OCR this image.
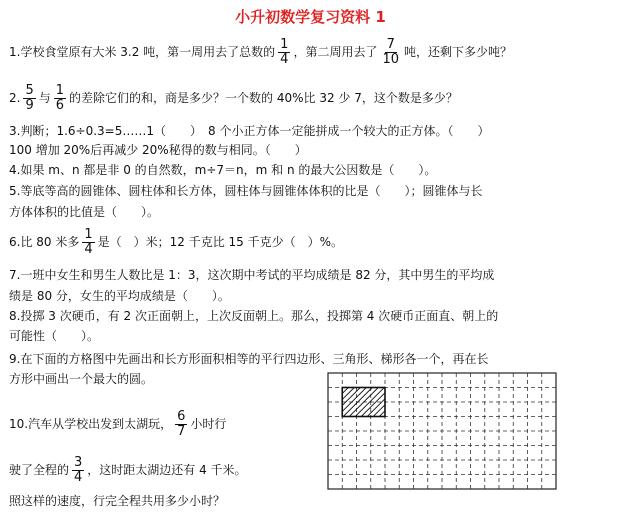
小升初数学复习资料 1
1.学校食堂原有大米 3.2 吨，第一周用去了总数的 $\frac{1}{4}$ ，第二周用去了 $\frac{7}{10}$ 吨，还剩下多少吨？
2. $\frac{5}{9}$ 与 $\frac{1}{6}$ 的差除它们的和，商是多少？一个数的 40%比 32 少 7，这个数是多少？
3.判断；1.6÷0.3=5……1（　　）　8 个小正方体一定能拼成一个较大的正方体。（　　）
100 增加 20%后再减少 20%秘得的数与相同。（　　）
4.如果 m、n 都是非 0 的自然数，m÷7＝n，m 和 n 的最大公因数是（　　）。
5.等底等高的圆锥体、圆柱体和长方体，圆柱体与圆锥体体积的比是（　　）；圆锥体与长
方体体积的比值是（　　）。
6.比 80 米多 $\frac{1}{4}$ 是（　）米；12 千克比 15 千克少（　）%。
7.一班中女生和男生人数比是 1：3，这次期中考试的平均成绩是 82 分，其中男生的平均成
绩是 80 分，女生的平均成绩是（　　）。
8.投掷 3 次硬币，有 2 次正面朝上，上次反面朝上。那么，投掷第 4 次硬币正面直、朝上的
可能性（　　）。
9.在下面的方格图中先画出和长方形面积相等的平行四边形、三角形、梯形各一个，再在长
方形中画出一个最大的圆。
10.汽车从学校出发到太湖玩， $\frac{6}{7}$ 小时行
驶了全程的 $\frac{3}{4}$ ，这时距太湖边还有 4 千米。
照这样的速度，行完全程共用多少小时？
